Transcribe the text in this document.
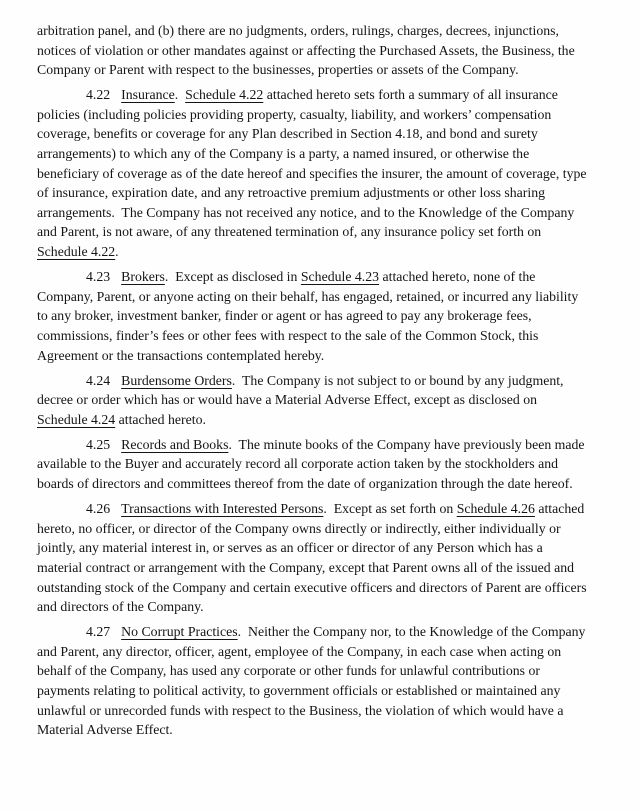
arbitration panel, and (b) there are no judgments, orders, rulings, charges, decrees, injunctions, notices of violation or other mandates against or affecting the Purchased Assets, the Business, the Company or Parent with respect to the businesses, properties or assets of the Company.

4.22 Insurance.  Schedule 4.22 attached hereto sets forth a summary of all insurance policies (including policies providing property, casualty, liability, and workers’ compensation coverage, benefits or coverage for any Plan described in Section 4.18, and bond and surety arrangements) to which any of the Company is a party, a named insured, or otherwise the beneficiary of coverage as of the date hereof and specifies the insurer, the amount of coverage, type of insurance, expiration date, and any retroactive premium adjustments or other loss sharing arrangements.  The Company has not received any notice, and to the Knowledge of the Company and Parent, is not aware, of any threatened termination of, any insurance policy set forth on Schedule 4.22.

4.23 Brokers.  Except as disclosed in Schedule 4.23 attached hereto, none of the Company, Parent, or anyone acting on their behalf, has engaged, retained, or incurred any liability to any broker, investment banker, finder or agent or has agreed to pay any brokerage fees, commissions, finder’s fees or other fees with respect to the sale of the Common Stock, this Agreement or the transactions contemplated hereby.

4.24 Burdensome Orders.  The Company is not subject to or bound by any judgment, decree or order which has or would have a Material Adverse Effect, except as disclosed on Schedule 4.24 attached hereto.

4.25 Records and Books.  The minute books of the Company have previously been made available to the Buyer and accurately record all corporate action taken by the stockholders and boards of directors and committees thereof from the date of organization through the date hereof.

4.26 Transactions with Interested Persons.  Except as set forth on Schedule 4.26 attached hereto, no officer, or director of the Company owns directly or indirectly, either individually or jointly, any material interest in, or serves as an officer or director of any Person which has a material contract or arrangement with the Company, except that Parent owns all of the issued and outstanding stock of the Company and certain executive officers and directors of Parent are officers and directors of the Company.

4.27 No Corrupt Practices.  Neither the Company nor, to the Knowledge of the Company and Parent, any director, officer, agent, employee of the Company, in each case when acting on behalf of the Company, has used any corporate or other funds for unlawful contributions or payments relating to political activity, to government officials or established or maintained any unlawful or unrecorded funds with respect to the Business, the violation of which would have a Material Adverse Effect.
